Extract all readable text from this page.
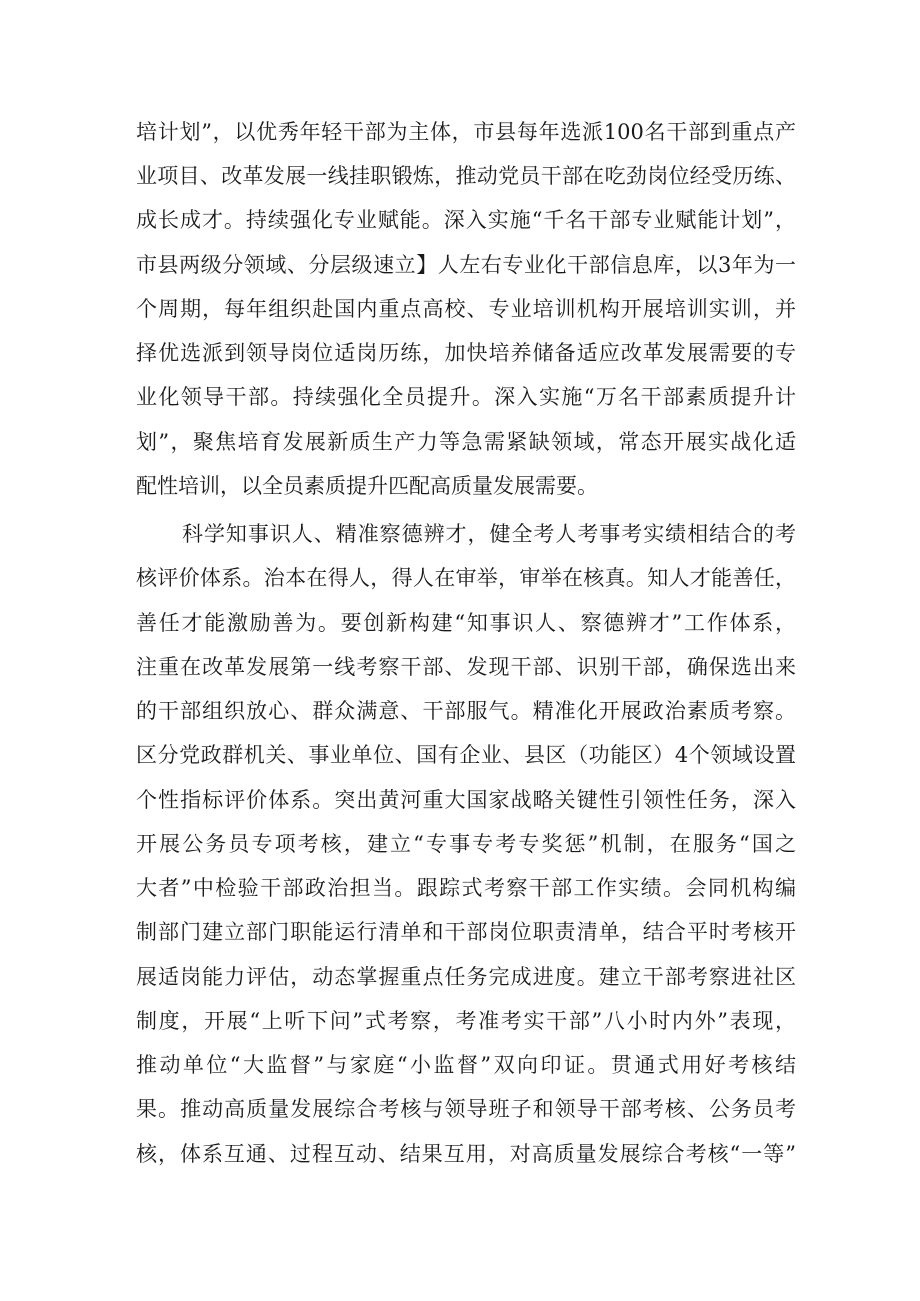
培计划”，以优秀年轻干部为主体，市县每年选派100名干部到重点产
业项目、改革发展一线挂职锻炼，推动党员干部在吃劲岗位经受历练、
成长成才。持续强化专业赋能。深入实施“千名干部专业赋能计划”，
市县两级分领域、分层级速立】人左右专业化干部信息库，以3年为一
个周期，每年组织赴国内重点高校、专业培训机构开展培训实训，并
择优选派到领导岗位适岗历练，加快培养储备适应改革发展需要的专
业化领导干部。持续强化全员提升。深入实施“万名干部素质提升计
划”，聚焦培育发展新质生产力等急需紧缺领域，常态开展实战化适
配性培训，以全员素质提升匹配高质量发展需要。
科学知事识人、精准察德辨才，健全考人考事考实绩相结合的考
核评价体系。治本在得人，得人在审举，审举在核真。知人才能善任，
善任才能激励善为。要创新构建“知事识人、察德辨才”工作体系，
注重在改革发展第一线考察干部、发现干部、识别干部，确保选出来
的干部组织放心、群众满意、干部服气。精准化开展政治素质考察。
区分党政群机关、事业单位、国有企业、县区（功能区）4个领域设置
个性指标评价体系。突出黄河重大国家战略关键性引领性任务，深入
开展公务员专项考核，建立“专事专考专奖惩”机制，在服务“国之
大者”中检验干部政治担当。跟踪式考察干部工作实绩。会同机构编
制部门建立部门职能运行清单和干部岗位职责清单，结合平时考核开
展适岗能力评估，动态掌握重点任务完成进度。建立干部考察进社区
制度，开展“上听下问”式考察，考准考实干部”八小时内外”表现，
推动单位“大监督”与家庭“小监督”双向印证。贯通式用好考核结
果。推动高质量发展综合考核与领导班子和领导干部考核、公务员考
核，体系互通、过程互动、结果互用，对高质量发展综合考核“一等”
